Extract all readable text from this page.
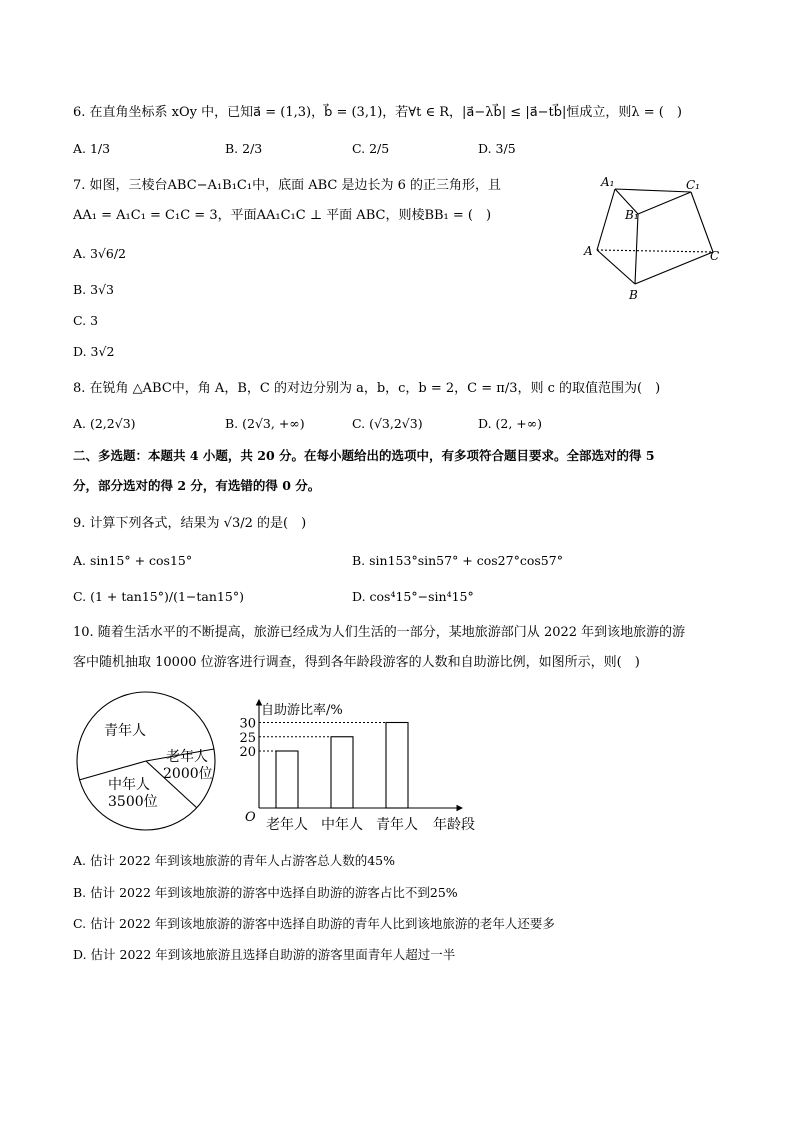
6. 在直角坐标系 xOy 中，已知a⃗ = (1,3)，b⃗ = (3,1)，若∀t ∈ R，|a⃗−λb⃗| ≤ |a⃗−tb⃗|恒成立，则λ = (　)
A. 1/3	B. 2/3	C. 2/5	D. 3/5
7. 如图，三棱台ABC−A₁B₁C₁中，底面 ABC 是边长为 6 的正三角形，且
AA₁ = A₁C₁ = C₁C = 3，平面AA₁C₁C ⊥ 平面 ABC，则棱BB₁ = (　)
A. 3√6/2
B. 3√3
C. 3
D. 3√2
A₁	C₁
B₁
A	C
B
8. 在锐角 △ABC中，角 A，B，C 的对边分别为 a，b，c，b = 2，C = π/3，则 c 的取值范围为(　)
A. (2,2√3)	B. (2√3, +∞)	C. (√3,2√3)	D. (2, +∞)
二、多选题：本题共 4 小题，共 20 分。在每小题给出的选项中，有多项符合题目要求。全部选对的得 5
分，部分选对的得 2 分，有选错的得 0 分。
9. 计算下列各式，结果为 √3/2 的是(　)
A. sin15° + cos15°	B. sin153°sin57° + cos27°cos57°
C. (1 + tan15°)/(1−tan15°)	D. cos⁴15°−sin⁴15°
10. 随着生活水平的不断提高，旅游已经成为人们生活的一部分，某地旅游部门从 2022 年到该地旅游的游
客中随机抽取 10000 位游客进行调查，得到各年龄段游客的人数和自助游比例，如图所示，则(　)
青年人
老年人
2000位
中年人
3500位
自助游比率/%
O	年龄段
20
老年人
25
中年人
30
青年人
A. 估计 2022 年到该地旅游的青年人占游客总人数的45%
B. 估计 2022 年到该地旅游的游客中选择自助游的游客占比不到25%
C. 估计 2022 年到该地旅游的游客中选择自助游的青年人比到该地旅游的老年人还要多
D. 估计 2022 年到该地旅游且选择自助游的游客里面青年人超过一半
